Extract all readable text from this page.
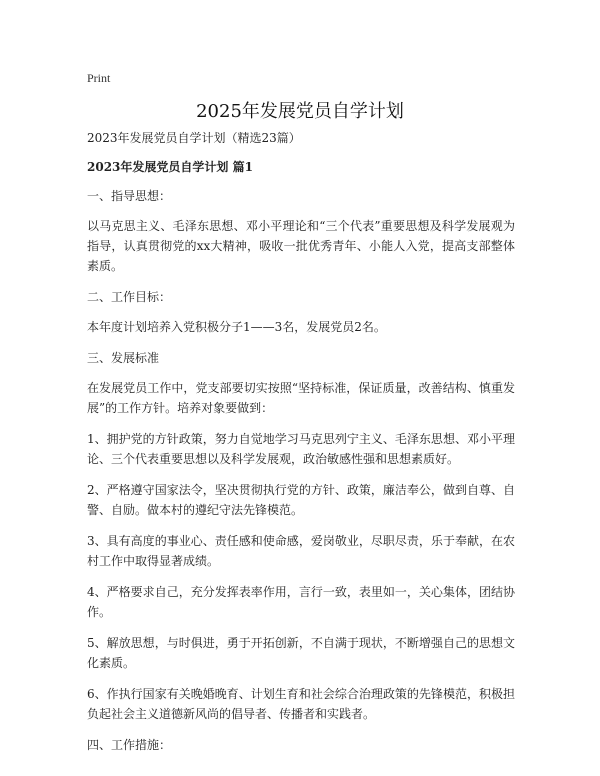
Print
2025年发展党员自学计划

2023年发展党员自学计划（精选23篇）

2023年发展党员自学计划 篇1

一、指导思想：

以马克思主义、毛泽东思想、邓小平理论和“三个代表”重要思想及科学发展观为指导，认真贯彻党的xx大精神，吸收一批优秀青年、小能人入党，提高支部整体素质。

二、工作目标：

本年度计划培养入党积极分子1——3名，发展党员2名。

三、发展标准

在发展党员工作中，党支部要切实按照“坚持标准，保证质量，改善结构、慎重发展”的工作方针。培养对象要做到：

1、拥护党的方针政策，努力自觉地学习马克思列宁主义、毛泽东思想、邓小平理论、三个代表重要思想以及科学发展观，政治敏感性强和思想素质好。

2、严格遵守国家法令，坚决贯彻执行党的方针、政策，廉洁奉公，做到自尊、自警、自励。做本村的遵纪守法先锋模范。

3、具有高度的事业心、责任感和使命感，爱岗敬业，尽职尽责，乐于奉献，在农村工作中取得显著成绩。

4、严格要求自己，充分发挥表率作用，言行一致，表里如一，关心集体，团结协作。

5、解放思想，与时俱进，勇于开拓创新，不自满于现状，不断增强自己的思想文化素质。

6、作执行国家有关晚婚晚育、计划生育和社会综合治理政策的先锋模范，积极担负起社会主义道德新风尚的倡导者、传播者和实践者。

四、工作措施：
